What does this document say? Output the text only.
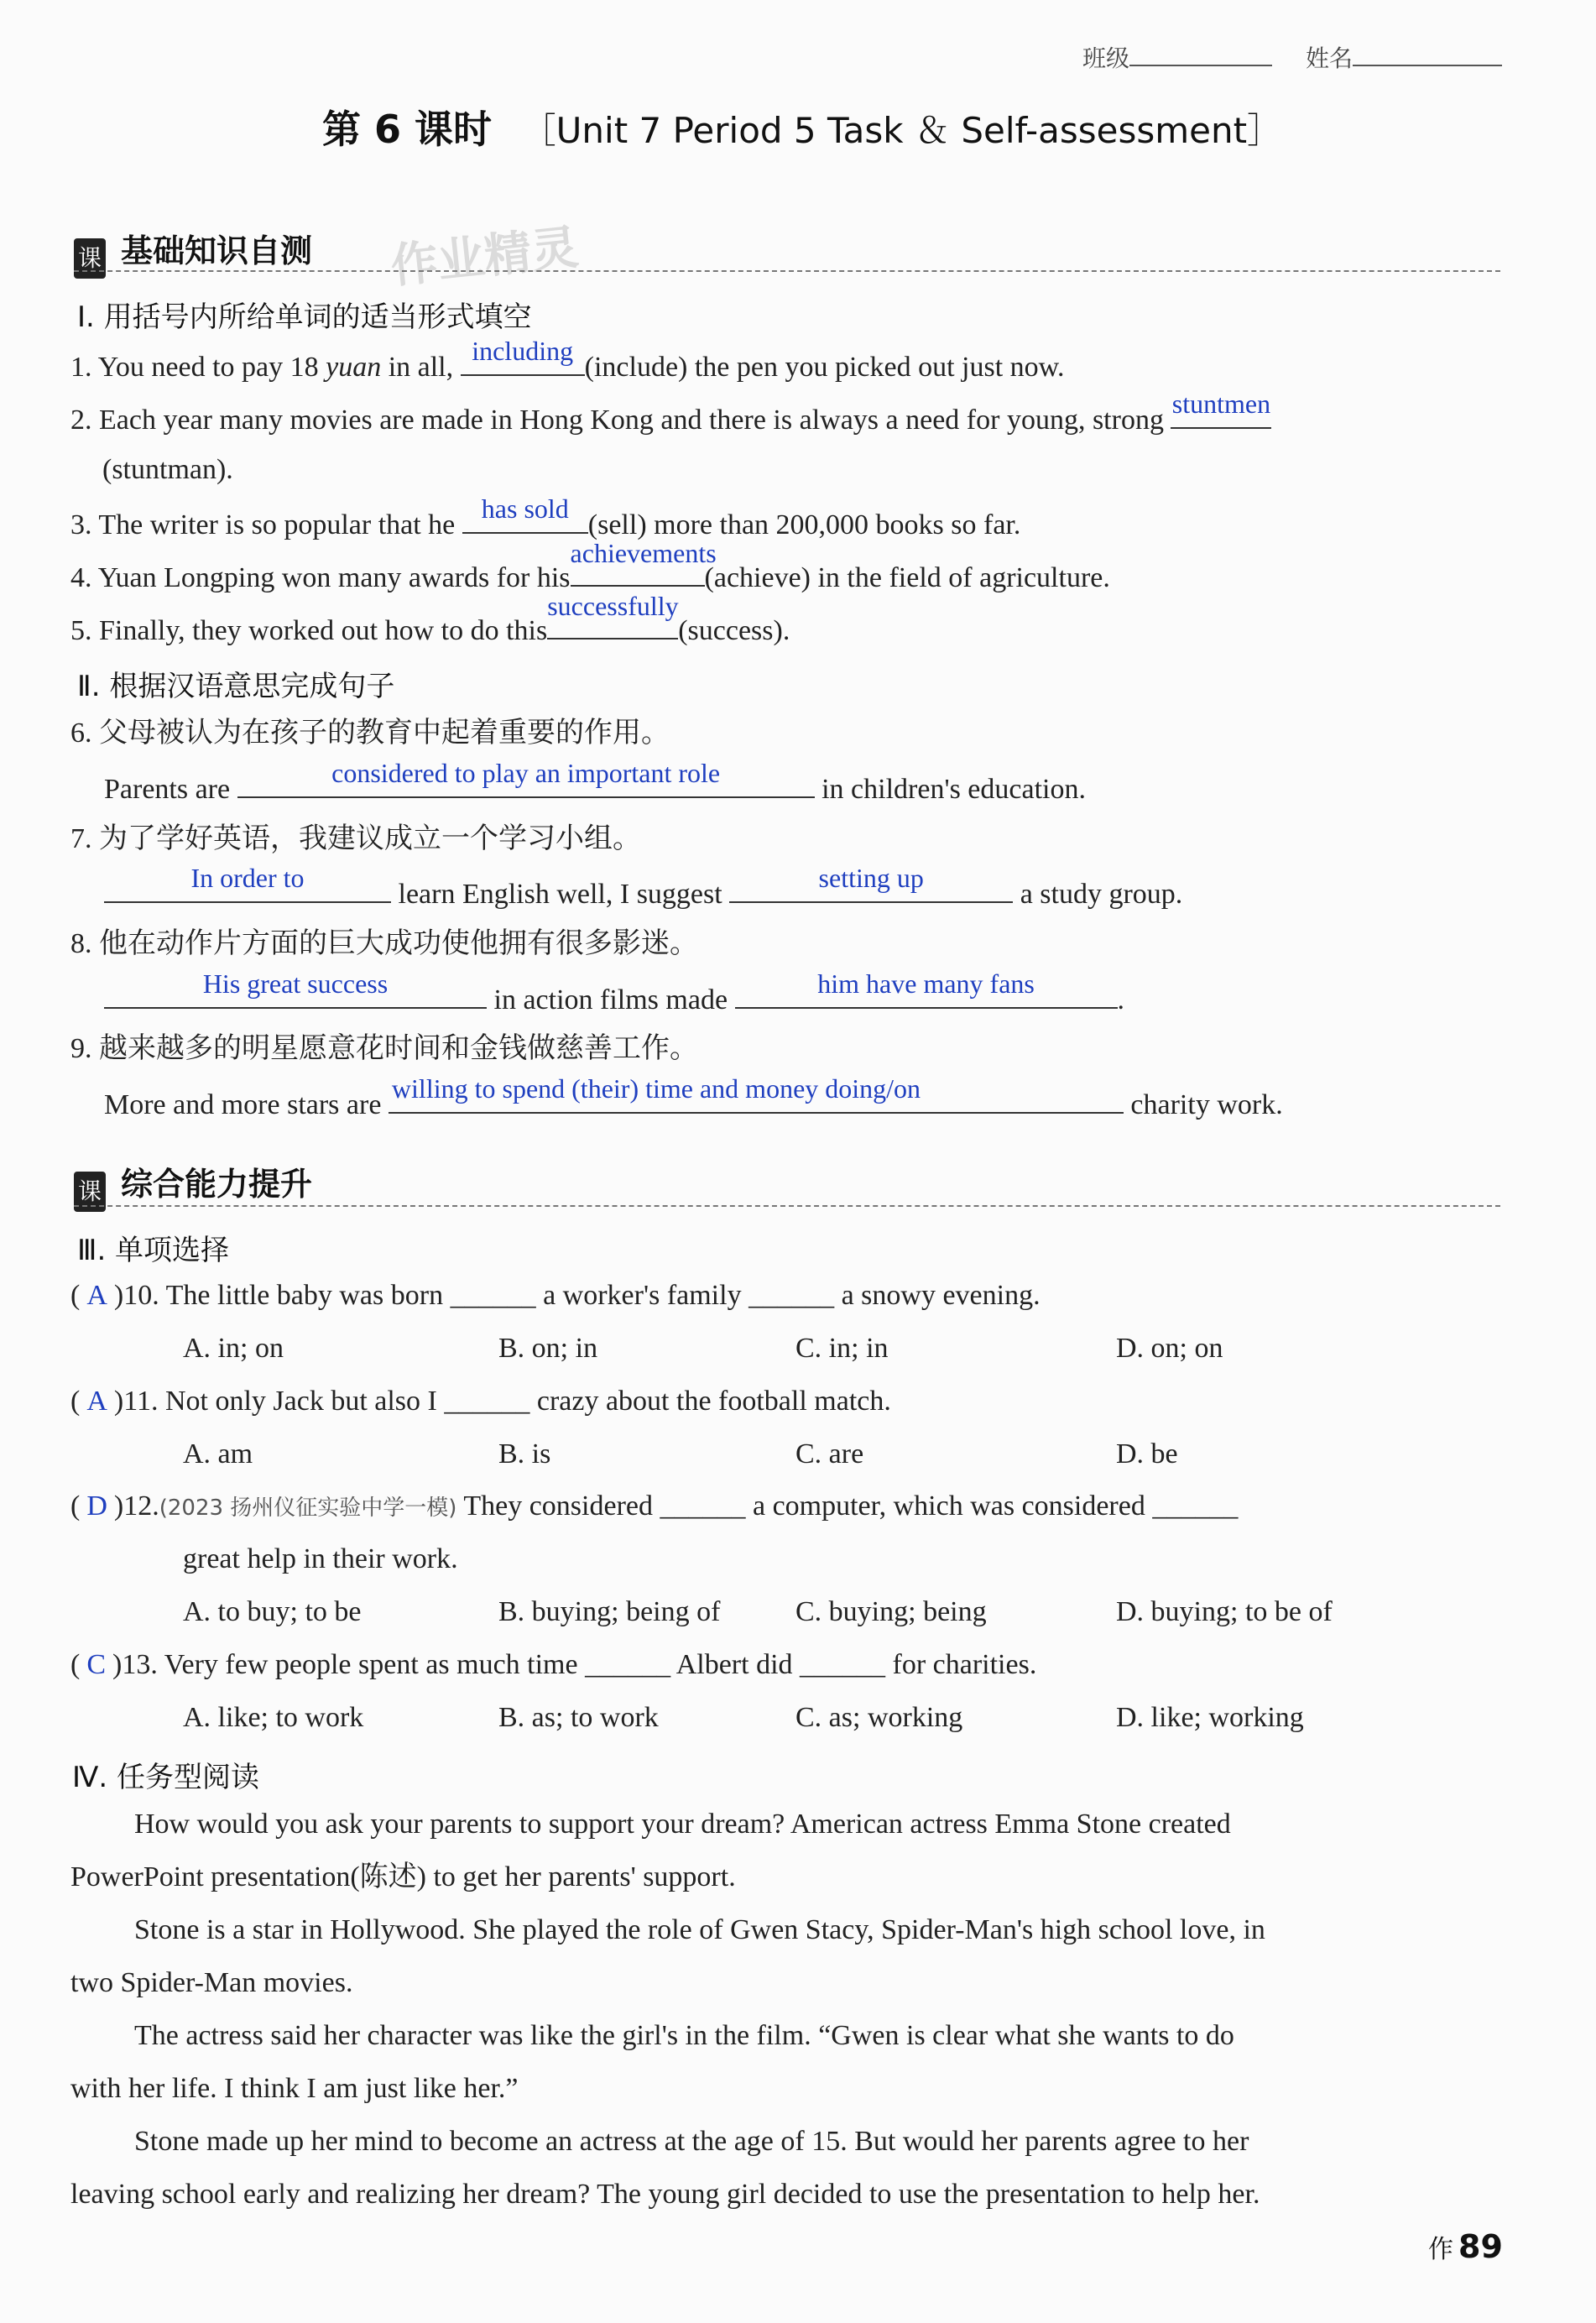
班级	姓名
第 6 课时 ［Unit 7 Period 5 Task ＆ Self-assessment］
课 基础知识自测 作业精灵
Ⅰ. 用括号内所给单词的适当形式填空
1. You need to pay 18 yuan in all,
including
(include) the pen you picked out just now.
2. Each year many movies are made in Hong Kong and there is always a need for young, strong
stuntmen
(stuntman).
3. The writer is so popular that he
has sold
(sell) more than 200,000 books so far.
4. Yuan Longping won many awards for his
achievements
(achieve) in the field of agriculture.
5. Finally, they worked out how to do this
successfully
(success).
Ⅱ. 根据汉语意思完成句子
6. 父母被认为在孩子的教育中起着重要的作用。
Parents are
considered to play an important role
in children's education.
7. 为了学好英语，我建议成立一个学习小组。
In order to
learn English well, I suggest
setting up
a study group.
8. 他在动作片方面的巨大成功使他拥有很多影迷。
His great success
in action films made
him have many fans
.
9. 越来越多的明星愿意花时间和金钱做慈善工作。
More and more stars are
willing to spend (their) time and money doing/on
charity work.
课 综合能力提升
Ⅲ. 单项选择
( A )10. The little baby was born ______ a worker's family ______ a snowy evening.
A. in; on	B. on; in	C. in; in	D. on; on
( A )11. Not only Jack but also I ______ crazy about the football match.
A. am	B. is	C. are	D. be
( D )12.(2023 扬州仪征实验中学一模) They considered ______ a computer, which was considered ______
great help in their work.
A. to buy; to be	B. buying; being of	C. buying; being	D. buying; to be of
( C )13. Very few people spent as much time ______ Albert did ______ for charities.
A. like; to work	B. as; to work	C. as; working	D. like; working
Ⅳ. 任务型阅读
How would you ask your parents to support your dream? American actress Emma Stone created
PowerPoint presentation(陈述) to get her parents' support.
Stone is a star in Hollywood. She played the role of Gwen Stacy, Spider-Man's high school love, in
two Spider-Man movies.
The actress said her character was like the girl's in the film. “Gwen is clear what she wants to do
with her life. I think I am just like her.”
Stone made up her mind to become an actress at the age of 15. But would her parents agree to her
leaving school early and realizing her dream? The young girl decided to use the presentation to help her.
作 89
